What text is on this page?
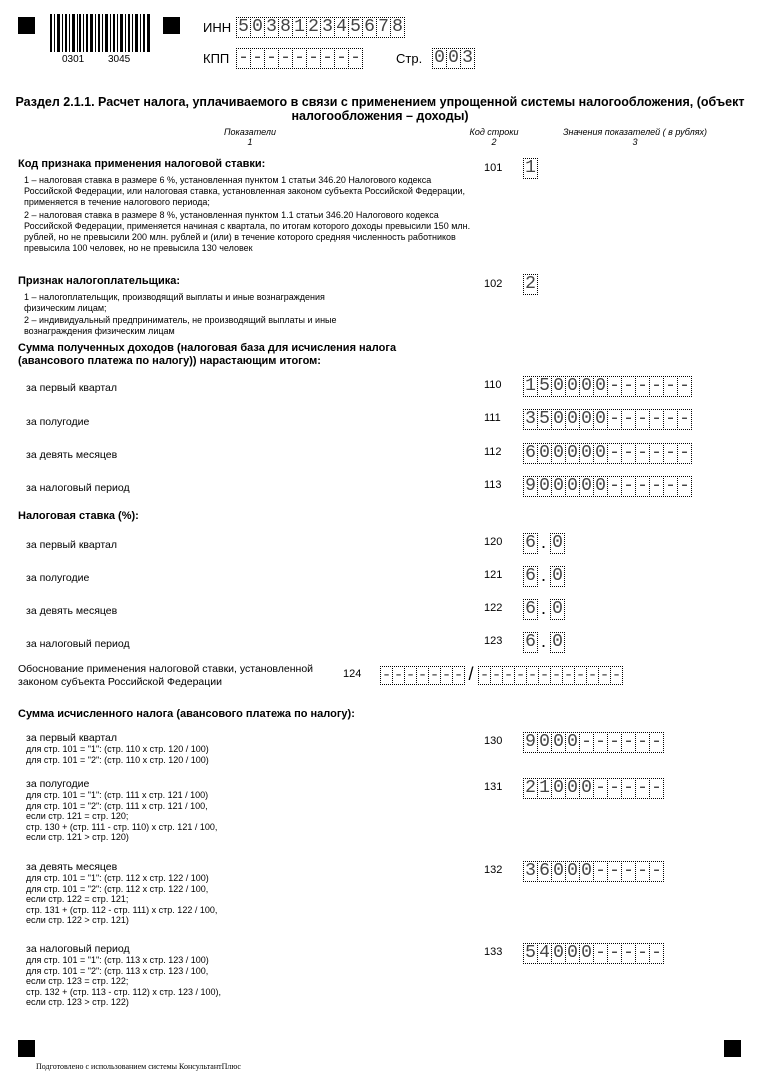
0301 3045
ИНН 5 0 3 8 1 2 3 4 5 6 7 8
КПП - - - - - - - - -	Стр. 0 0 3
Раздел 2.1.1. Расчет налога, уплачиваемого в связи с применением упрощенной системы налогообложения, (объект налогообложения – доходы)
Показатели
1
Код строки
2
Значения показателей ( в рублях)
3
Код признака применения налоговой ставки:
1 – налоговая ставка в размере 6 %, установленная пунктом 1 статьи 346.20 Налогового кодекса Российской Федерации, или налоговая ставка, установленная законом субъекта Российской Федерации, применяется в течение налогового периода;
2 – налоговая ставка в размере 8 %, установленная пунктом 1.1 статьи 346.20 Налогового кодекса Российской Федерации, применяется начиная с квартала, по итогам которого доходы превысили 150 млн. рублей, но не превысили 200 млн. рублей и (или) в течение которого средняя численность работников превысила 100 человек, но не превысила 130 человек
101 1
Признак налогоплательщика:
1 – налогоплательщик, производящий выплаты и иные вознаграждения физическим лицам;
2 – индивидуальный предприниматель, не производящий выплаты и иные вознаграждения физическим лицам
102 2
Сумма полученных доходов (налоговая база для исчисления налога (авансового платежа по налогу)) нарастающим итогом:
за первый квартал	110 1 5 0 0 0 0 - - - - - -
за полугодие	111 3 5 0 0 0 0 - - - - - -
за девять месяцев	112 6 0 0 0 0 0 - - - - - -
за налоговый период	113 9 0 0 0 0 0 - - - - - -
Налоговая ставка (%):
за первый квартал	120 6 . 0
за полугодие	121 6 . 0
за девять месяцев	122 6 . 0
за налоговый период	123 6 . 0
Обоснование применения налоговой ставки, установленной законом субъекта Российской Федерации
124 - - - - - - - / - - - - - - - - - - - -
Сумма исчисленного налога (авансового платежа по налогу):
за первый квартал
для стр. 101 = "1": (стр. 110 х стр. 120 / 100)
для стр. 101 = "2": (стр. 110 х стр. 120 / 100)
130 9 0 0 0 - - - - - -
за полугодие
для стр. 101 = "1": (стр. 111 х стр. 121 / 100)
для стр. 101 = "2": (стр. 111 х стр. 121 / 100,
если стр. 121 = стр. 120;
стр. 130 + (стр. 111 - стр. 110) х стр. 121 / 100,
если стр. 121 > стр. 120)
131 2 1 0 0 0 - - - - -
за девять месяцев
для стр. 101 = "1": (стр. 112 х стр. 122 / 100)
для стр. 101 = "2": (стр. 112 х стр. 122 / 100,
если стр. 122 = стр. 121;
стр. 131 + (стр. 112 - стр. 111) х стр. 122 / 100,
если стр. 122 > стр. 121)
132 3 6 0 0 0 - - - - -
за налоговый период
для стр. 101 = "1": (стр. 113 х стр. 123 / 100)
для стр. 101 = "2": (стр. 113 х стр. 123 / 100,
если стр. 123 = стр. 122;
стр. 132 + (стр. 113 - стр. 112) х стр. 123 / 100),
если стр. 123 > стр. 122)
133 5 4 0 0 0 - - - - -
Подготовлено с использованием системы КонсультантПлюс
